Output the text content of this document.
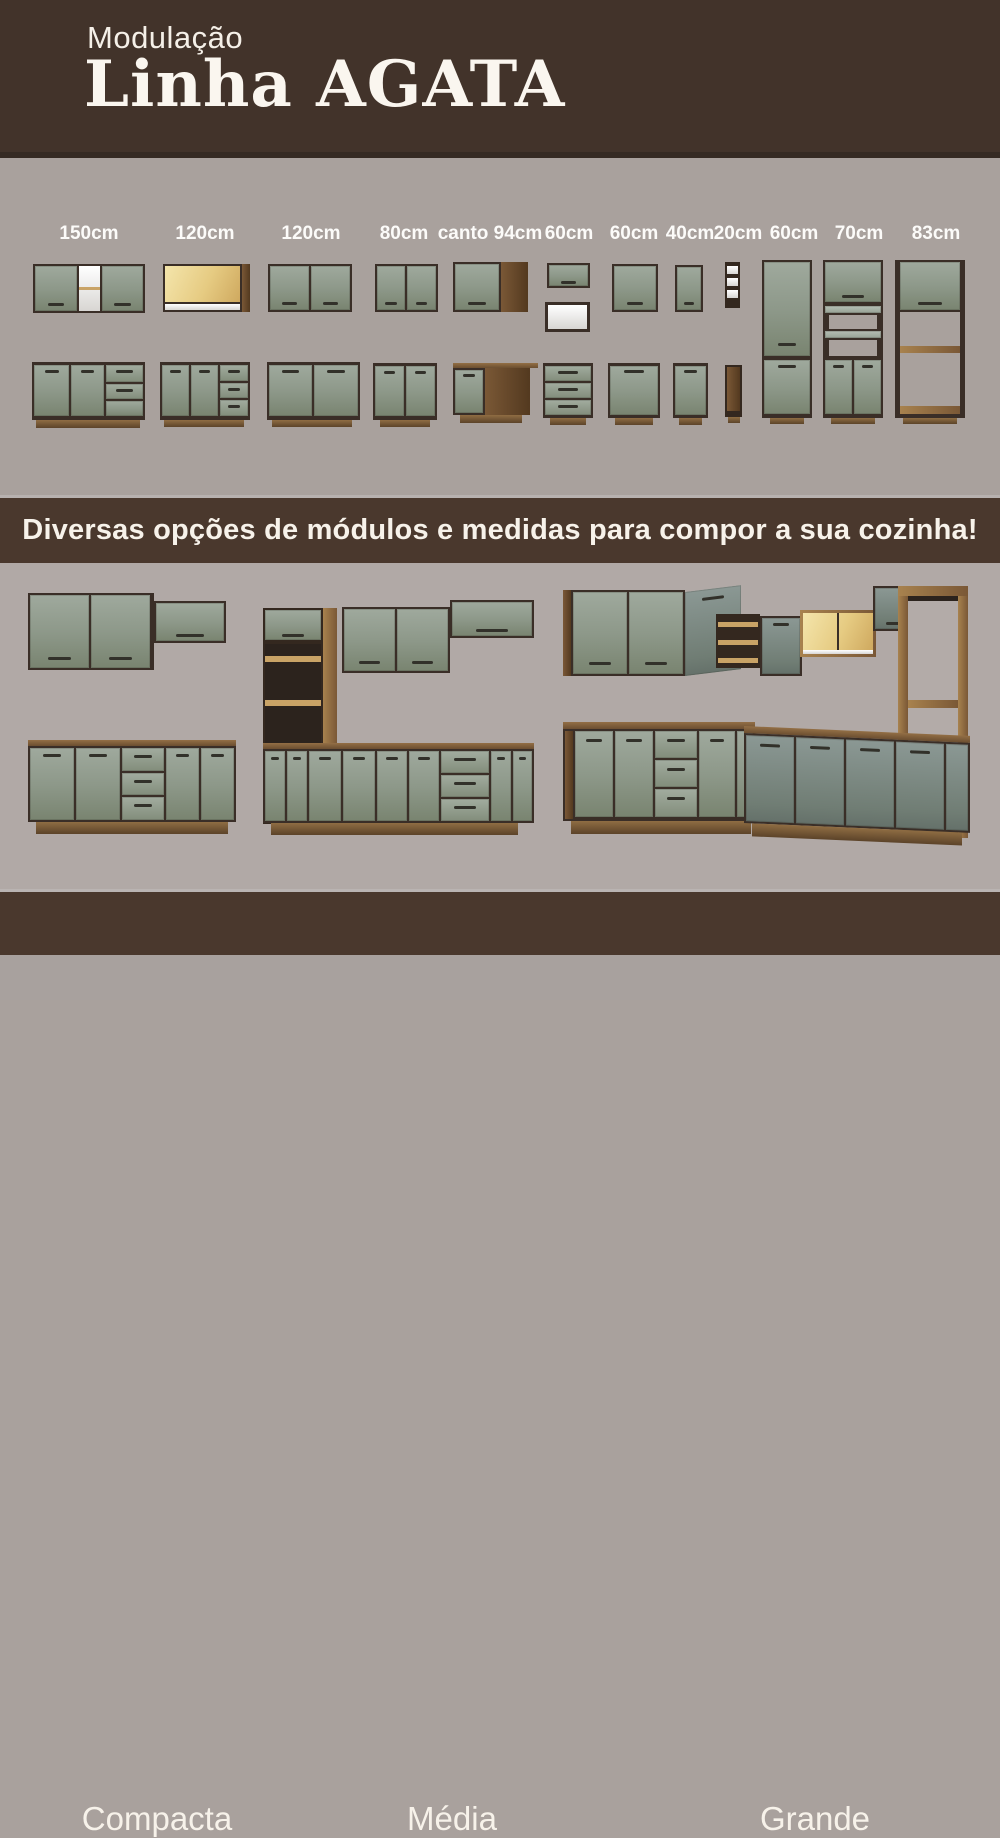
Modulação
Linha AGATA
150cm	120cm 120cm 80cm canto 94cm 60cm 60cm 40cm 20cm 60cm 70cm 83cm
Diversas opções de módulos e medidas para compor a sua cozinha!
Compacta	Média	Grande
